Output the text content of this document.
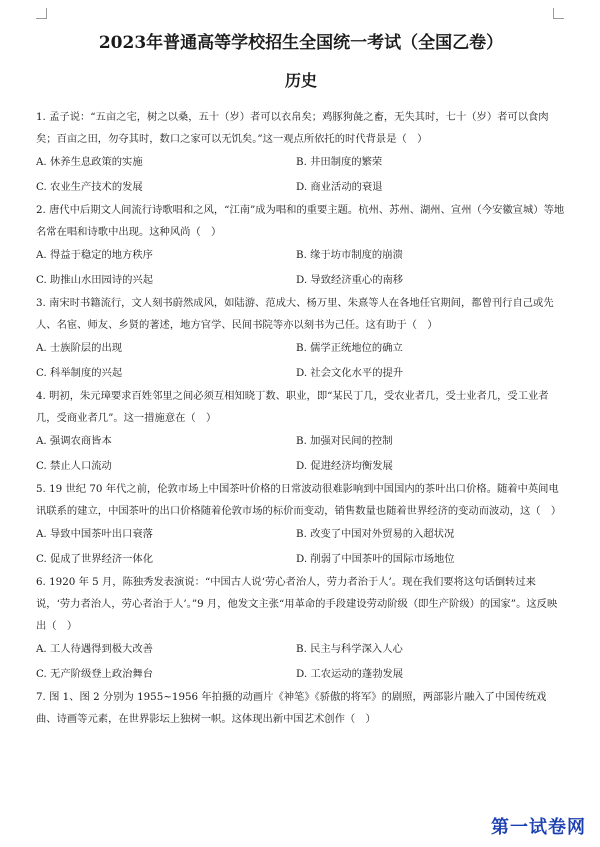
2023年普通高等学校招生全国统一考试（全国乙卷）
历史

1. 孟子说：“五亩之宅，树之以桑，五十（岁）者可以衣帛矣；鸡豚狗彘之畜，无失其时，七十（岁）者可以食肉矣；百亩之田，勿夺其时，数口之家可以无饥矣。”这一观点所依托的时代背景是（　）

A. 休养生息政策的实施	B. 井田制度的繁荣
C. 农业生产技术的发展	D. 商业活动的衰退

2. 唐代中后期文人间流行诗歌唱和之风，“江南”成为唱和的重要主题。杭州、苏州、湖州、宣州（今安徽宣城）等地名常在唱和诗歌中出现。这种风尚（　）

A. 得益于稳定的地方秩序	B. 缘于坊市制度的崩溃
C. 助推山水田园诗的兴起	D. 导致经济重心的南移

3. 南宋时书籍流行，文人刻书蔚然成风，如陆游、范成大、杨万里、朱熹等人在各地任官期间，都曾刊行自己或先人、名宦、师友、乡贤的著述，地方官学、民间书院等亦以刻书为己任。这有助于（　）

A. 士族阶层的出现	B. 儒学正统地位的确立
C. 科举制度的兴起	D. 社会文化水平的提升

4. 明初，朱元璋要求百姓邻里之间必须互相知晓丁数、职业，即“某民丁几，受农业者几，受士业者几，受工业者几，受商业者几”。这一措施意在（　）

A. 强调农商皆本	B. 加强对民间的控制
C. 禁止人口流动	D. 促进经济均衡发展

5. 19 世纪 70 年代之前，伦敦市场上中国茶叶价格的日常波动很难影响到中国国内的茶叶出口价格。随着中英间电讯联系的建立，中国茶叶的出口价格随着伦敦市场的标价而变动，销售数量也随着世界经济的变动而波动，这（　）

A. 导致中国茶叶出口衰落	B. 改变了中国对外贸易的入超状况
C. 促成了世界经济一体化	D. 削弱了中国茶叶的国际市场地位

6. 1920 年 5 月，陈独秀发表演说：“中国古人说‘劳心者治人，劳力者治于人’。现在我们要将这句话倒转过来说，‘劳力者治人，劳心者治于人’。”9 月，他发文主张“用革命的手段建设劳动阶级（即生产阶级）的国家”。这反映出（　）

A. 工人待遇得到极大改善	B. 民主与科学深入人心
C. 无产阶级登上政治舞台	D. 工农运动的蓬勃发展

7. 图 1、图 2 分别为 1955~1956 年拍摄的动画片《神笔》《骄傲的将军》的剧照，两部影片融入了中国传统戏曲、诗画等元素，在世界影坛上独树一帜。这体现出新中国艺术创作（　）

第一试卷网
